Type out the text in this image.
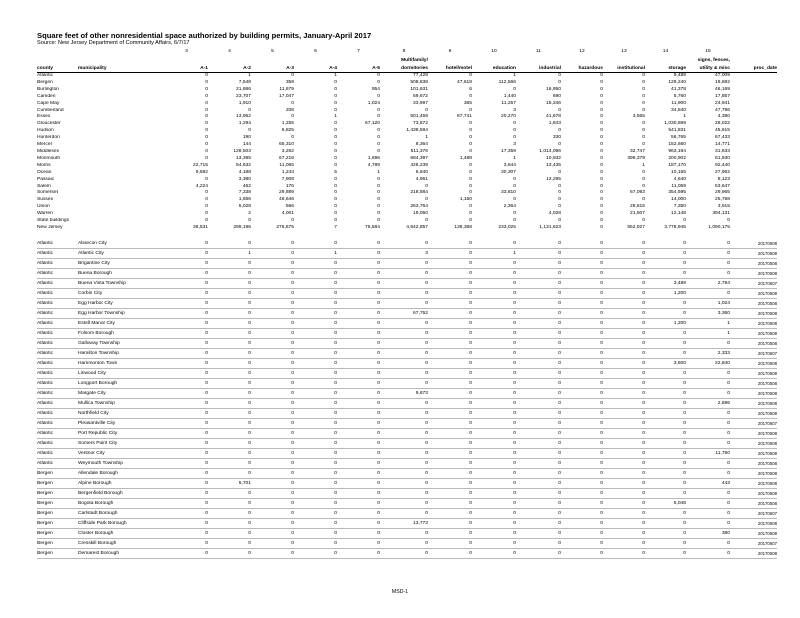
Square feet of other nonresidential space authorized by building permits, January-April 2017
Source: New Jersey Department of Community Affairs, 6/7/17
		3	4	5	6	7	8	9	10	11	12	13	14	15	
							Multifamily/							signs, fences,	
county	municipality	A-1	A-2	A-3	A-4	A-5	dormitories	hotel/motel	education	industrial	hazardous	institutional	storage	utility & misc	proc_date
Atlantic		0	1	0	1	0	77,428	0	1	0	0	0	9,488	47,009	
Bergen		0	7,548	359	0	0	508,838	47,618	112,566	0	0	0	128,240	18,682	
Burlington		0	21,866	11,679	0	954	101,631	6	0	16,950	0	0	41,378	46,169	
Camden		0	23,707	17,047	0	0	59,672	0	1,440	690	0	0	5,760	17,857	
Cape May		0	1,910	0	0	1,024	33,997	365	11,257	15,346	0	0	11,900	24,941	
Cumberland		0	0	208	0	0	0	0	3	0	0	0	34,840	47,786	
Essex		0	13,952	0	1	0	501,459	87,741	20,270	41,678	0	3,565	1	4,380	
Gloucester		0	1,294	1,255	0	67,120	73,572	0	0	1,843	0	0	1,030,869	26,022	
Hudson		0	0	6,825	0	0	1,438,584	0	0	0	0	0	541,831	45,615	
Hunterdon		0	190	0	0	0	1	0	0	330	0	0	56,765	67,433	
Mercer		0	144	65,310	0	0	8,364	0	3	0	0	0	152,660	14,771	
Middlesex		0	128,503	3,262	0	0	511,376	0	17,359	1,014,096	0	32,747	963,194	31,633	
Monmouth		0	13,395	67,216	0	1,696	684,397	1,488	1	10,932	0	399,379	200,902	61,930	
Morris		22,715	54,632	11,065	0	4,789	428,239	0	3,644	13,435	0	1	187,170	92,440	
Ocean		9,592	4,188	1,243	5	1	6,640	0	30,307	0	0	0	10,155	27,962	
Passaic		0	3,380	7,908	0	0	4,961	0	0	12,295	0	0	4,640	8,123	
Salem		4,224	462	176	0	0	0	0	0	0	0	0	11,059	53,647	
Somerset		0	7,338	29,889	0	0	218,884	0	33,810	0	0	67,093	354,595	29,965	
Sussex		0	1,656	46,646	0	0	0	1,150	0	0	0	0	14,000	25,768	
Union		0	5,028	566	0	0	263,764	0	2,364	0	0	28,615	7,350	3,915	
Warren		0	2	4,001	0	0	19,050	0	0	4,028	0	21,507	12,148	394,131	
State buildings		0	0	0	0	0	0	0	0	0	0	0	0	0	
New Jersey		36,531	299,196	276,675	7	75,584	4,942,857	138,368	233,025	1,131,623	0	552,927	3,778,945	1,090,175	

Atlantic	Absecon City	0	0	0	0	0	0	0	0	0	0	0	0	0	20170508
Atlantic	Atlantic City	0	1	0	1	0	3	0	1	0	0	0	0	0	20170508
Atlantic	Brigantine City	0	0	0	0	0	0	0	0	0	0	0	0	0	20170508
Atlantic	Buena Borough	0	0	0	0	0	0	0	0	0	0	0	0	0	20170508
Atlantic	Buena Vista Township	0	0	0	0	0	0	0	0	0	0	0	3,488	2,794	20170607
Atlantic	Corbin City	0	0	0	0	0	0	0	0	0	0	0	1,200	0	20170508
Atlantic	Egg Harbor City	0	0	0	0	0	0	0	0	0	0	0	0	1,024	20170508
Atlantic	Egg Harbor Township	0	0	0	0	0	67,752	0	0	0	0	0	0	3,360	20170508
Atlantic	Estell Manor City	0	0	0	0	0	0	0	0	0	0	0	1,200	1	20170508
Atlantic	Folsom Borough	0	0	0	0	0	0	0	0	0	0	0	0	1	20170508
Atlantic	Galloway Township	0	0	0	0	0	0	0	0	0	0	0	0	0	20170508
Atlantic	Hamilton Township	0	0	0	0	0	0	0	0	0	0	0	0	2,333	20170607
Atlantic	Hammonton Town	0	0	0	0	0	0	0	0	0	0	0	3,600	22,840	20170508
Atlantic	Linwood City	0	0	0	0	0	0	0	0	0	0	0	0	0	20170508
Atlantic	Longport Borough	0	0	0	0	0	0	0	0	0	0	0	0	0	20170508
Atlantic	Margate City	0	0	0	0	0	9,673	0	0	0	0	0	0	0	20170508
Atlantic	Mullica Township	0	0	0	0	0	0	0	0	0	0	0	0	2,896	20170508
Atlantic	Northfield City	0	0	0	0	0	0	0	0	0	0	0	0	0	20170508
Atlantic	Pleasantville City	0	0	0	0	0	0	0	0	0	0	0	0	0	20170607
Atlantic	Port Republic City	0	0	0	0	0	0	0	0	0	0	0	0	0	20170508
Atlantic	Somers Point City	0	0	0	0	0	0	0	0	0	0	0	0	0	20170508
Atlantic	Ventnor City	0	0	0	0	0	0	0	0	0	0	0	0	11,760	20170508
Atlantic	Weymouth Township	0	0	0	0	0	0	0	0	0	0	0	0	0	20170508
Bergen	Allendale Borough	0	0	0	0	0	0	0	0	0	0	0	0	0	20170508
Bergen	Alpine Borough	0	5,701	0	0	0	0	0	0	0	0	0	0	443	20170508
Bergen	Bergenfield Borough	0	0	0	0	0	0	0	0	0	0	0	0	0	20170508
Bergen	Bogota Borough	0	0	0	0	0	0	0	0	0	0	0	5,048	0	20170508
Bergen	Carlstadt Borough	0	0	0	0	0	0	0	0	0	0	0	0	0	20170607
Bergen	Cliffside Park Borough	0	0	0	0	0	13,773	0	0	0	0	0	0	0	20170508
Bergen	Closter Borough	0	0	0	0	0	0	0	0	0	0	0	0	380	20170508
Bergen	Cresskill Borough	0	0	0	0	0	0	0	0	0	0	0	0	0	20170607
Bergen	Demarest Borough	0	0	0	0	0	0	0	0	0	0	0	0	0	20170508
MSD-1
